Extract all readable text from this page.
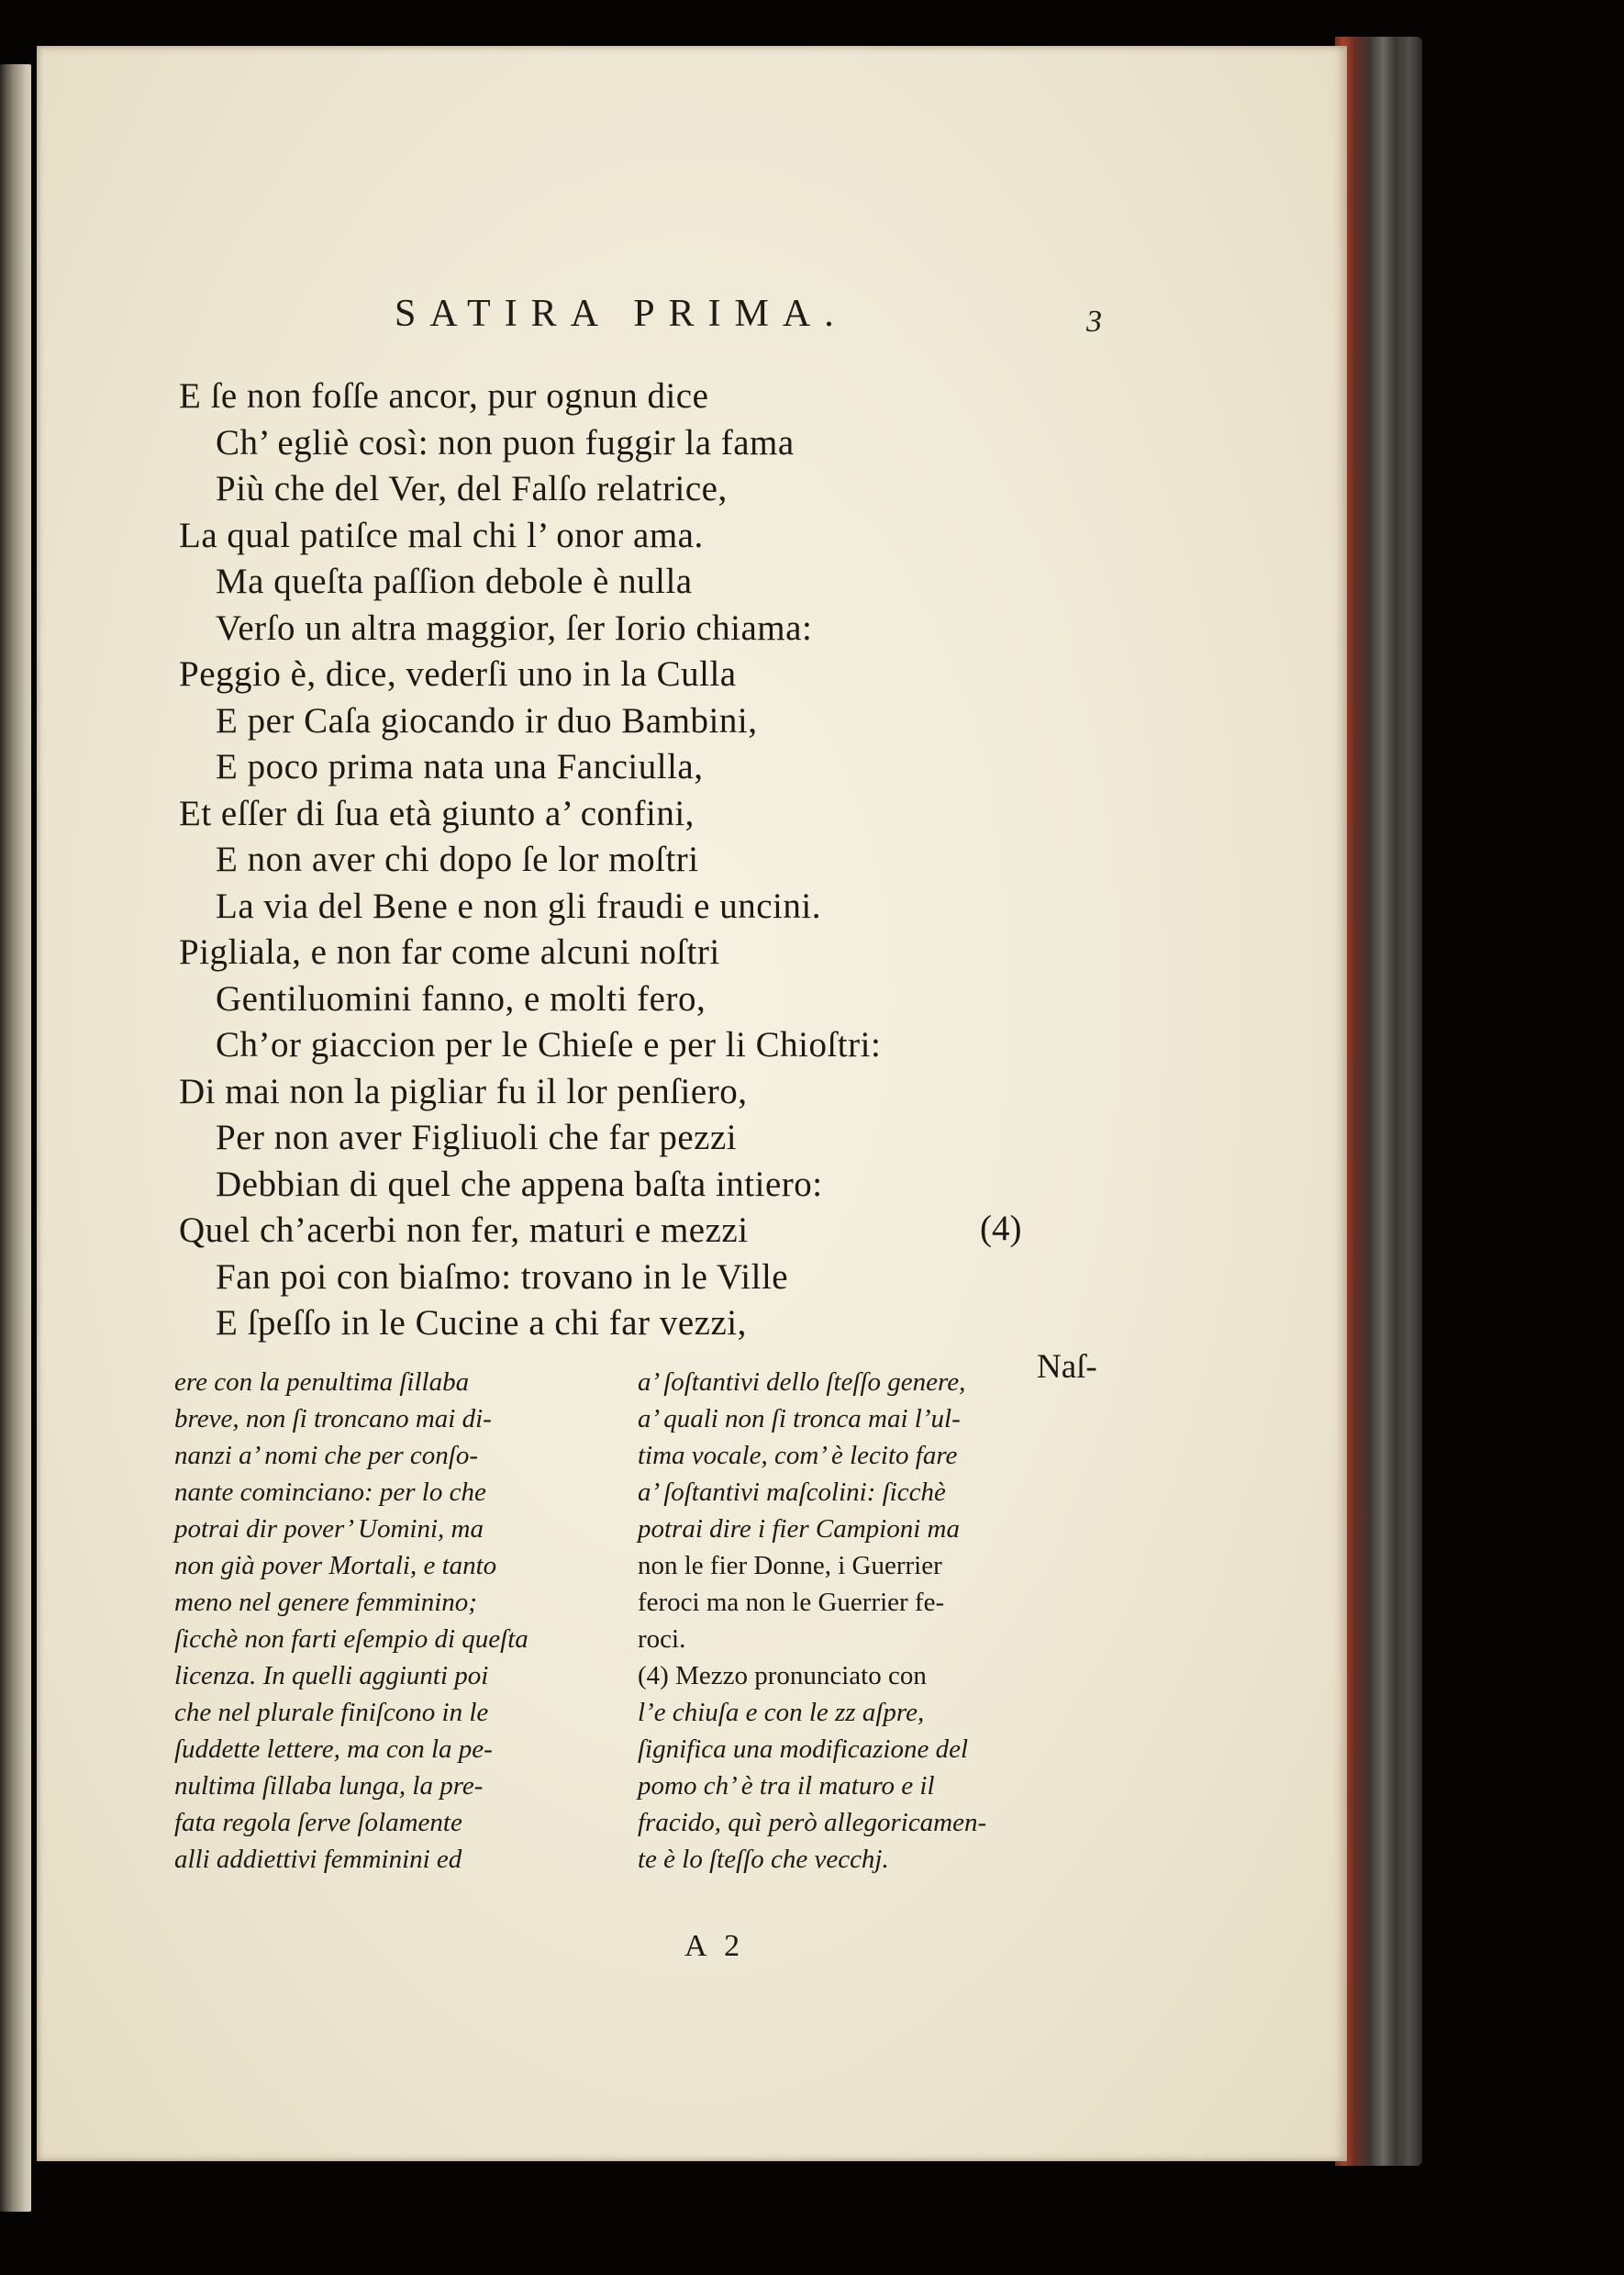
SATIRA PRIMA.	3
E ſe non foſſe ancor, pur ognun dice
Ch’ egliè così: non puon fuggir la fama
Più che del Ver, del Falſo relatrice,
La qual patiſce mal chi l’ onor ama.
Ma queſta paſſion debole è nulla
Verſo un altra maggior, ſer Iorio chiama:
Peggio è, dice, vederſi uno in la Culla
E per Caſa giocando ir duo Bambini,
E poco prima nata una Fanciulla,
Et eſſer di ſua età giunto a’ confini,
E non aver chi dopo ſe lor moſtri
La via del Bene e non gli fraudi e uncini.
Pigliala, e non far come alcuni noſtri
Gentiluomini fanno, e molti fero,
Ch’or giaccion per le Chieſe e per li Chioſtri:
Di mai non la pigliar fu il lor penſiero,
Per non aver Figliuoli che far pezzi
Debbian di quel che appena baſta intiero:
Quel ch’acerbi non fer, maturi e mezzi
Fan poi con biaſmo: trovano in le Ville
E ſpeſſo in le Cucine a chi far vezzi,
(4)
Naſ-
ere con la penultima ſillaba
breve, non ſi troncano mai di-
nanzi a’ nomi che per conſo-
nante cominciano: per lo che
potrai dir pover’ Uomini, ma
non già pover Mortali, e tanto
meno nel genere femminino;
ſicchè non farti eſempio di queſta
licenza. In quelli aggiunti poi
che nel plurale finiſcono in le
ſuddette lettere, ma con la pe-
nultima ſillaba lunga, la pre-
fata regola ſerve ſolamente
alli addiettivi femminini ed
a’ ſoſtantivi dello ſteſſo genere,
a’ quali non ſi tronca mai l’ul-
tima vocale, com’ è lecito fare
a’ ſoſtantivi maſcolini: ſicchè
potrai dire i fier Campioni ma
non le fier Donne, i Guerrier
feroci ma non le Guerrier fe-
roci.
(4) Mezzo pronunciato con
l’e chiuſa e con le zz aſpre,
ſignifica una modificazione del
pomo ch’ è tra il maturo e il
fracido, quì però allegoricamen-
te è lo ſteſſo che vecchj.
A 2
